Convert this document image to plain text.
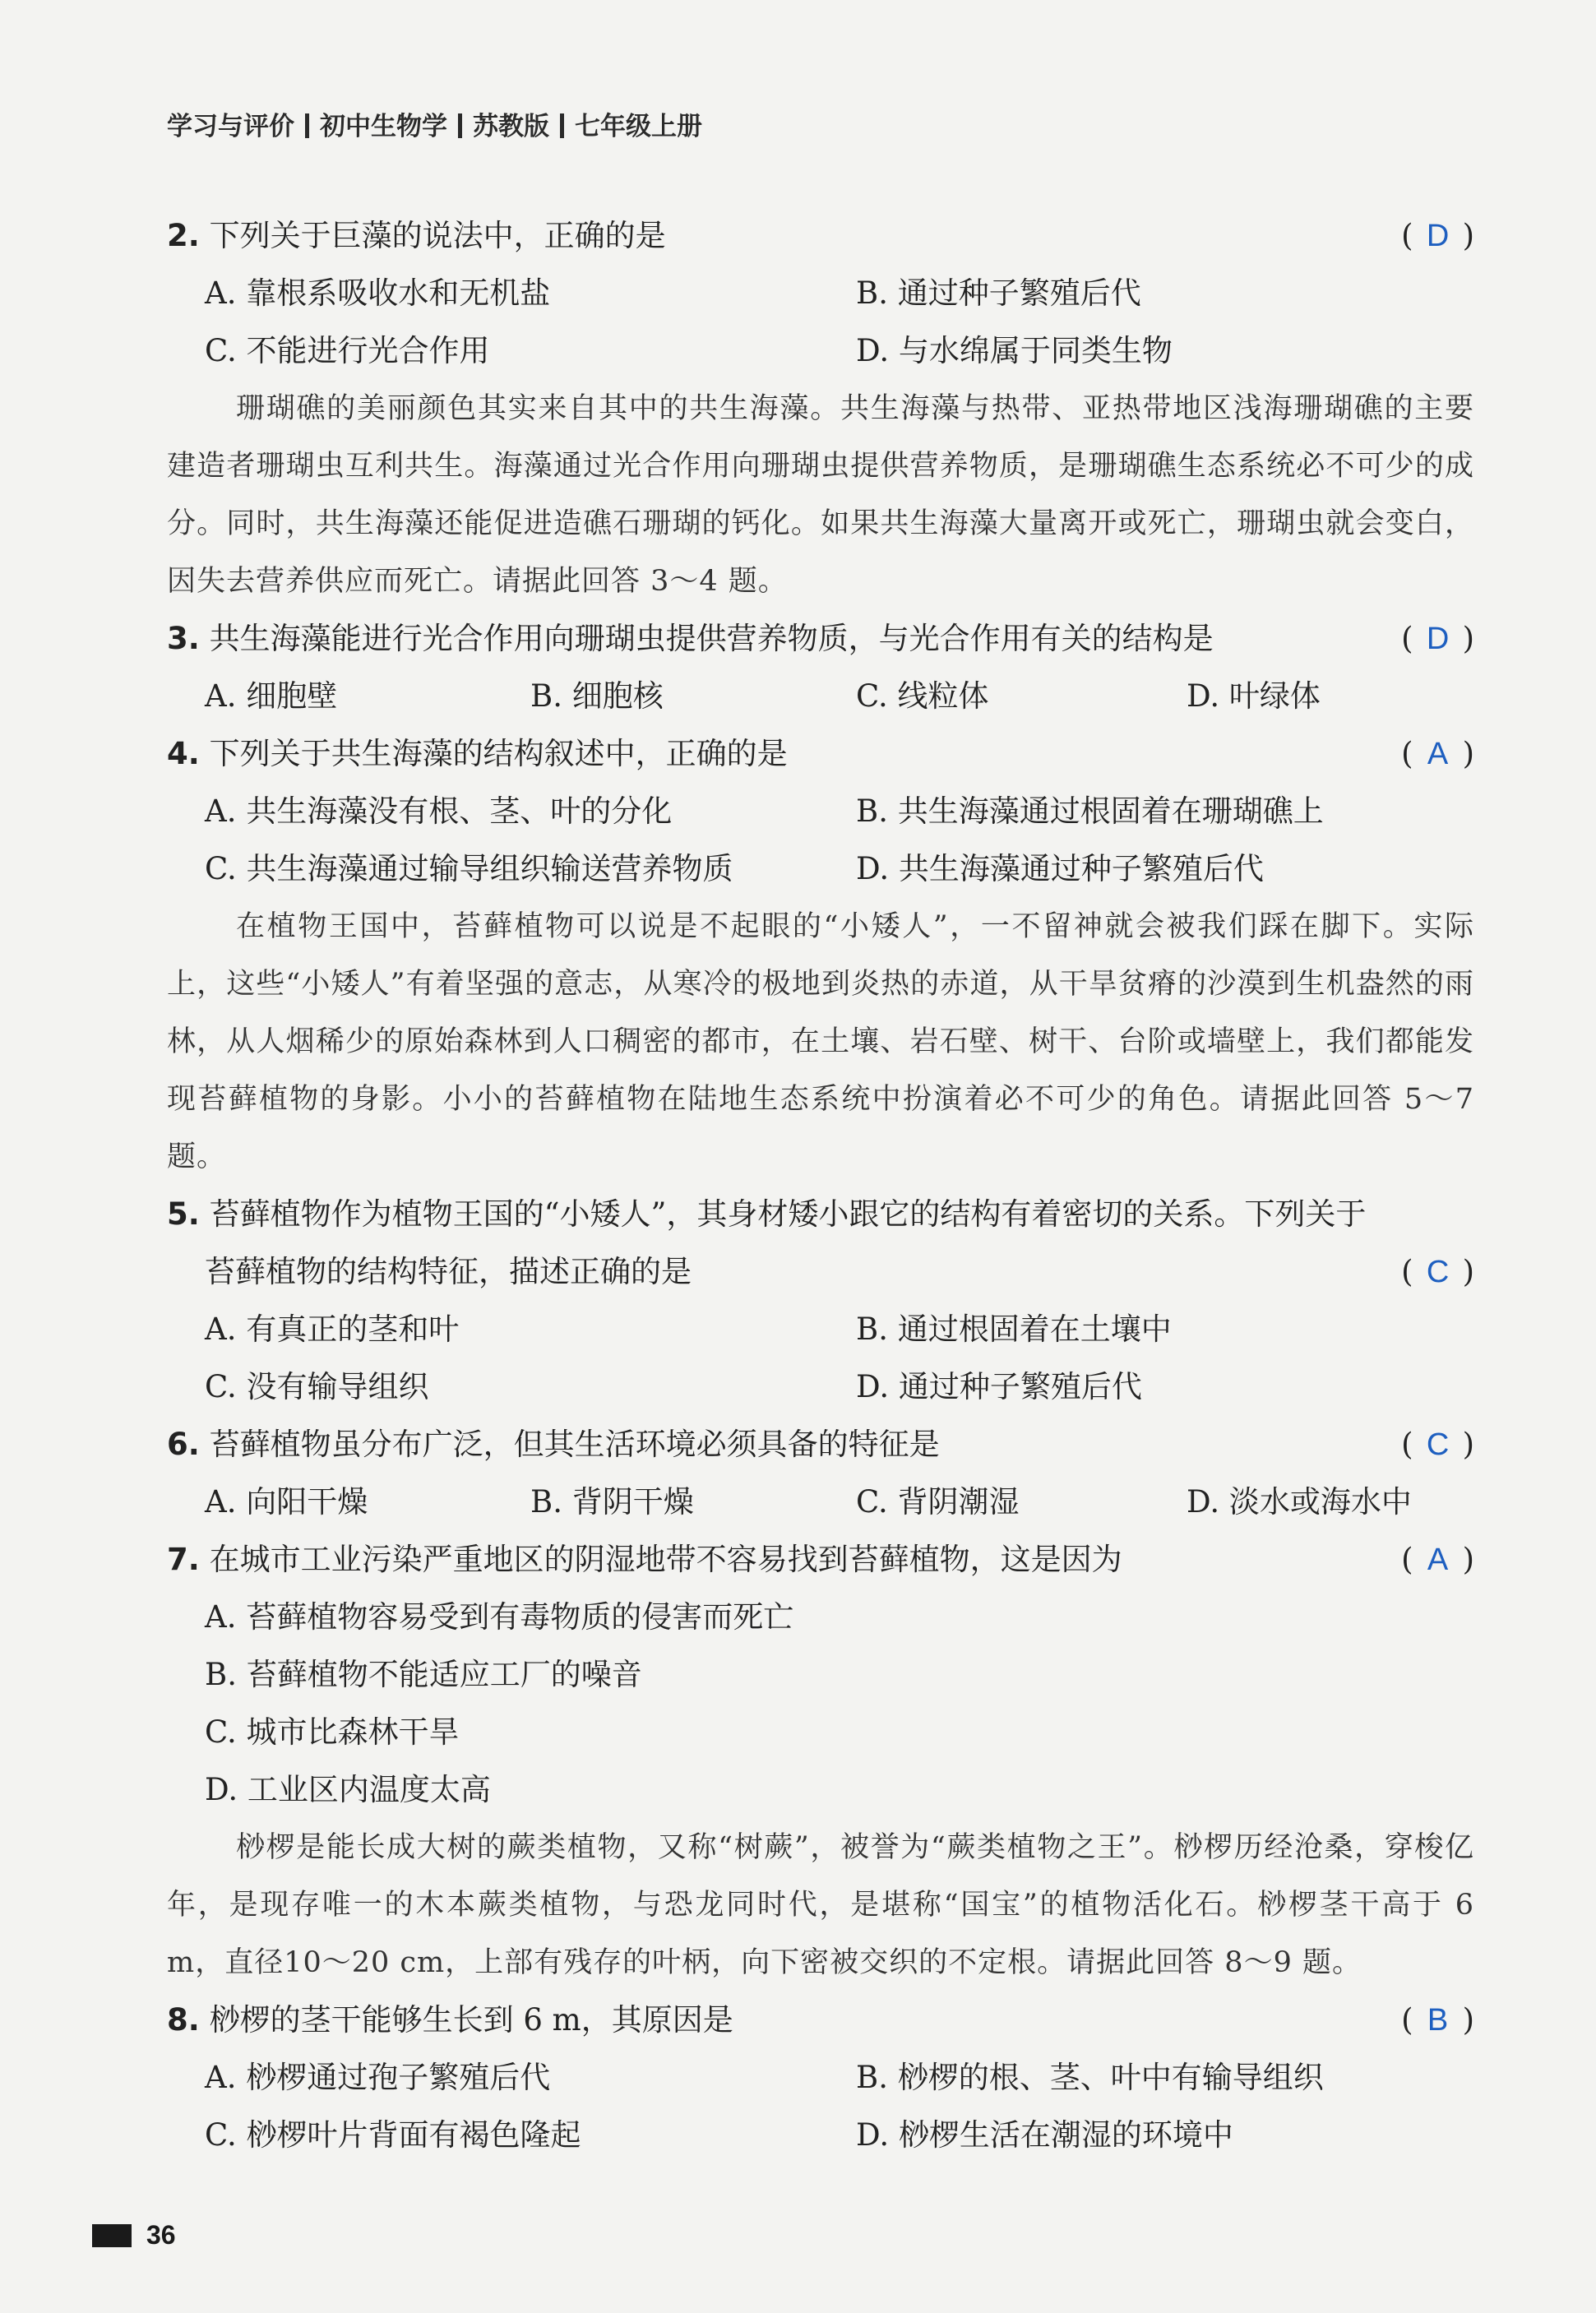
学习与评价 初中生物学 苏教版 七年级上册
2. 下列关于巨藻的说法中，正确的是	( D )
A. 靠根系吸收水和无机盐	B. 通过种子繁殖后代
C. 不能进行光合作用	D. 与水绵属于同类生物
珊瑚礁的美丽颜色其实来自其中的共生海藻。共生海藻与热带、亚热带地区浅海珊瑚礁的主要建造者珊瑚虫互利共生。海藻通过光合作用向珊瑚虫提供营养物质，是珊瑚礁生态系统必不可少的成分。同时，共生海藻还能促进造礁石珊瑚的钙化。如果共生海藻大量离开或死亡，珊瑚虫就会变白，因失去营养供应而死亡。请据此回答 3～4 题。
3. 共生海藻能进行光合作用向珊瑚虫提供营养物质，与光合作用有关的结构是	( D )
A. 细胞壁	B. 细胞核	C. 线粒体	D. 叶绿体
4. 下列关于共生海藻的结构叙述中，正确的是	( A )
A. 共生海藻没有根、茎、叶的分化	B. 共生海藻通过根固着在珊瑚礁上
C. 共生海藻通过输导组织输送营养物质	D. 共生海藻通过种子繁殖后代
在植物王国中，苔藓植物可以说是不起眼的“小矮人”，一不留神就会被我们踩在脚下。实际上，这些“小矮人”有着坚强的意志，从寒冷的极地到炎热的赤道，从干旱贫瘠的沙漠到生机盎然的雨林，从人烟稀少的原始森林到人口稠密的都市，在土壤、岩石壁、树干、台阶或墙壁上，我们都能发现苔藓植物的身影。小小的苔藓植物在陆地生态系统中扮演着必不可少的角色。请据此回答 5～7 题。
5. 苔藓植物作为植物王国的“小矮人”，其身材矮小跟它的结构有着密切的关系。下列关于
苔藓植物的结构特征，描述正确的是	( C )
A. 有真正的茎和叶	B. 通过根固着在土壤中
C. 没有输导组织	D. 通过种子繁殖后代
6. 苔藓植物虽分布广泛，但其生活环境必须具备的特征是	( C )
A. 向阳干燥	B. 背阴干燥	C. 背阴潮湿	D. 淡水或海水中
7. 在城市工业污染严重地区的阴湿地带不容易找到苔藓植物，这是因为	( A )
A. 苔藓植物容易受到有毒物质的侵害而死亡
B. 苔藓植物不能适应工厂的噪音
C. 城市比森林干旱
D. 工业区内温度太高
桫椤是能长成大树的蕨类植物，又称“树蕨”，被誉为“蕨类植物之王”。桫椤历经沧桑，穿梭亿年，是现存唯一的木本蕨类植物，与恐龙同时代，是堪称“国宝”的植物活化石。桫椤茎干高于 6 m，直径10～20 cm，上部有残存的叶柄，向下密被交织的不定根。请据此回答 8～9 题。
8. 桫椤的茎干能够生长到 6 m，其原因是	( B )
A. 桫椤通过孢子繁殖后代	B. 桫椤的根、茎、叶中有输导组织
C. 桫椤叶片背面有褐色隆起	D. 桫椤生活在潮湿的环境中
36
